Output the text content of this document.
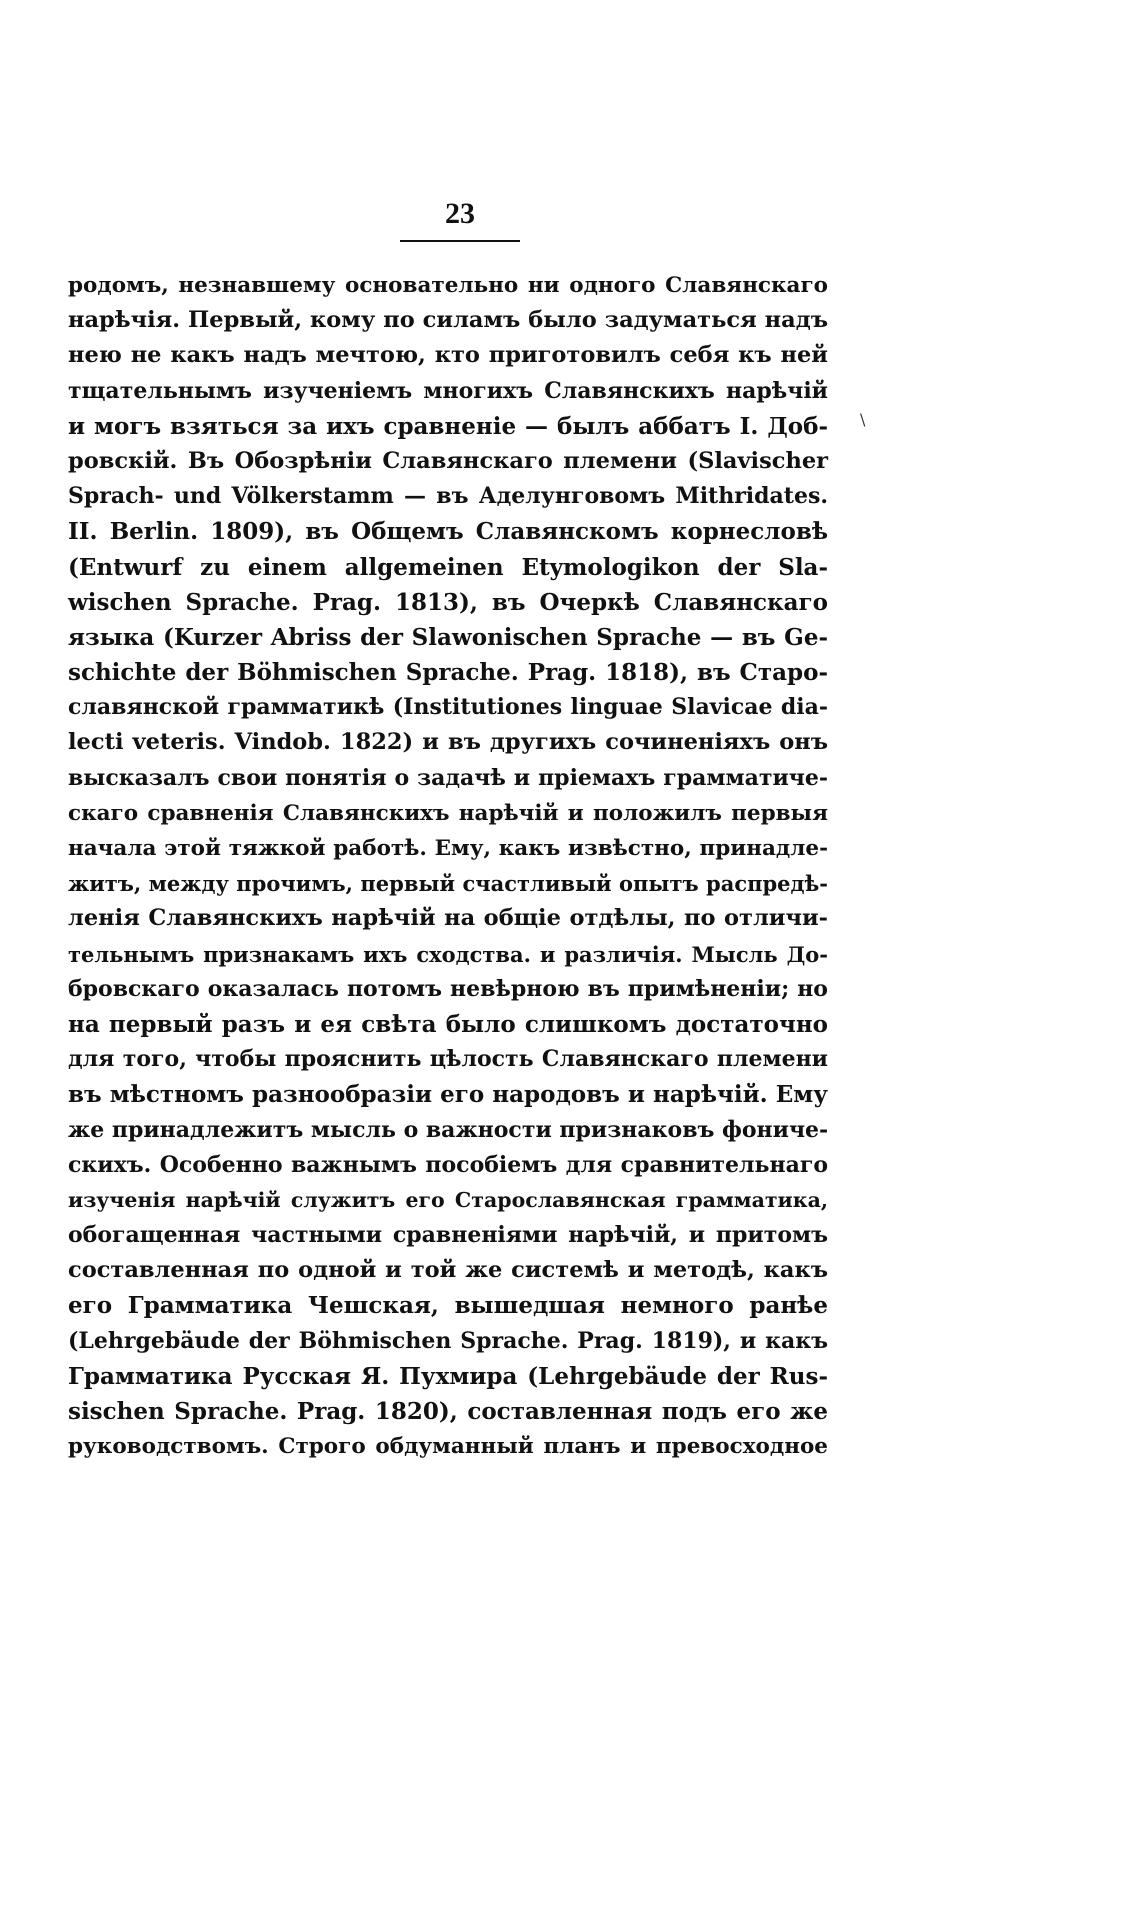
23
родомъ, незнавшему основательно ни одного Славянскаго
нарѣчія. Первый, кому по силамъ было задуматься надъ
нею не какъ надъ мечтою, кто приготовилъ себя къ ней
тщательнымъ изученіемъ многихъ Славянскихъ нарѣчій
и могъ взяться за ихъ сравненіе — былъ аббатъ І. Доб-
ровскій. Въ Обозрѣніи Славянскаго племени (Slavischer
Sprach- und Völkerstamm — въ Аделунговомъ Mithridates.
II. Berlin. 1809), въ Общемъ Славянскомъ корнесловѣ
(Entwurf zu einem allgemeinen Etymologikon der Sla-
wischen Sprache. Prag. 1813), въ Очеркѣ Славянскаго
языка (Kurzer Abriss der Slawonischen Sprache — въ Ge-
schichte der Böhmischen Sprache. Prag. 1818), въ Старо-
славянской грамматикѣ (Institutiones linguae Slavicae dia-
lecti veteris. Vindob. 1822) и въ другихъ сочиненіяхъ онъ
высказалъ свои понятія о задачѣ и пріемахъ грамматиче-
скаго сравненія Славянскихъ нарѣчій и положилъ первыя
начала этой тяжкой работѣ. Ему, какъ извѣстно, принадле-
житъ, между прочимъ, первый счастливый опытъ распредѣ-
ленія Славянскихъ нарѣчій на общіе отдѣлы, по отличи-
тельнымъ признакамъ ихъ сходства. и различія. Мысль До-
бровскаго оказалась потомъ невѣрною въ примѣненіи; но
на первый разъ и ея свѣта было слишкомъ достаточно
для того, чтобы прояснить цѣлость Славянскаго племени
въ мѣстномъ разнообразіи его народовъ и нарѣчій. Ему
же принадлежитъ мысль о важности признаковъ фониче-
скихъ. Особенно важнымъ пособіемъ для сравнительнаго
изученія нарѣчій служитъ его Старославянская грамматика,
обогащенная частными сравненіями нарѣчій, и притомъ
составленная по одной и той же системѣ и методѣ, какъ
его Грамматика Чешская, вышедшая немного ранѣе
(Lehrgebäude der Böhmischen Sprache. Prag. 1819), и какъ
Грамматика Русская Я. Пухмира (Lehrgebäude der Rus-
sischen Sprache. Prag. 1820), составленная подъ его же
руководствомъ. Строго обдуманный планъ и превосходное
\
